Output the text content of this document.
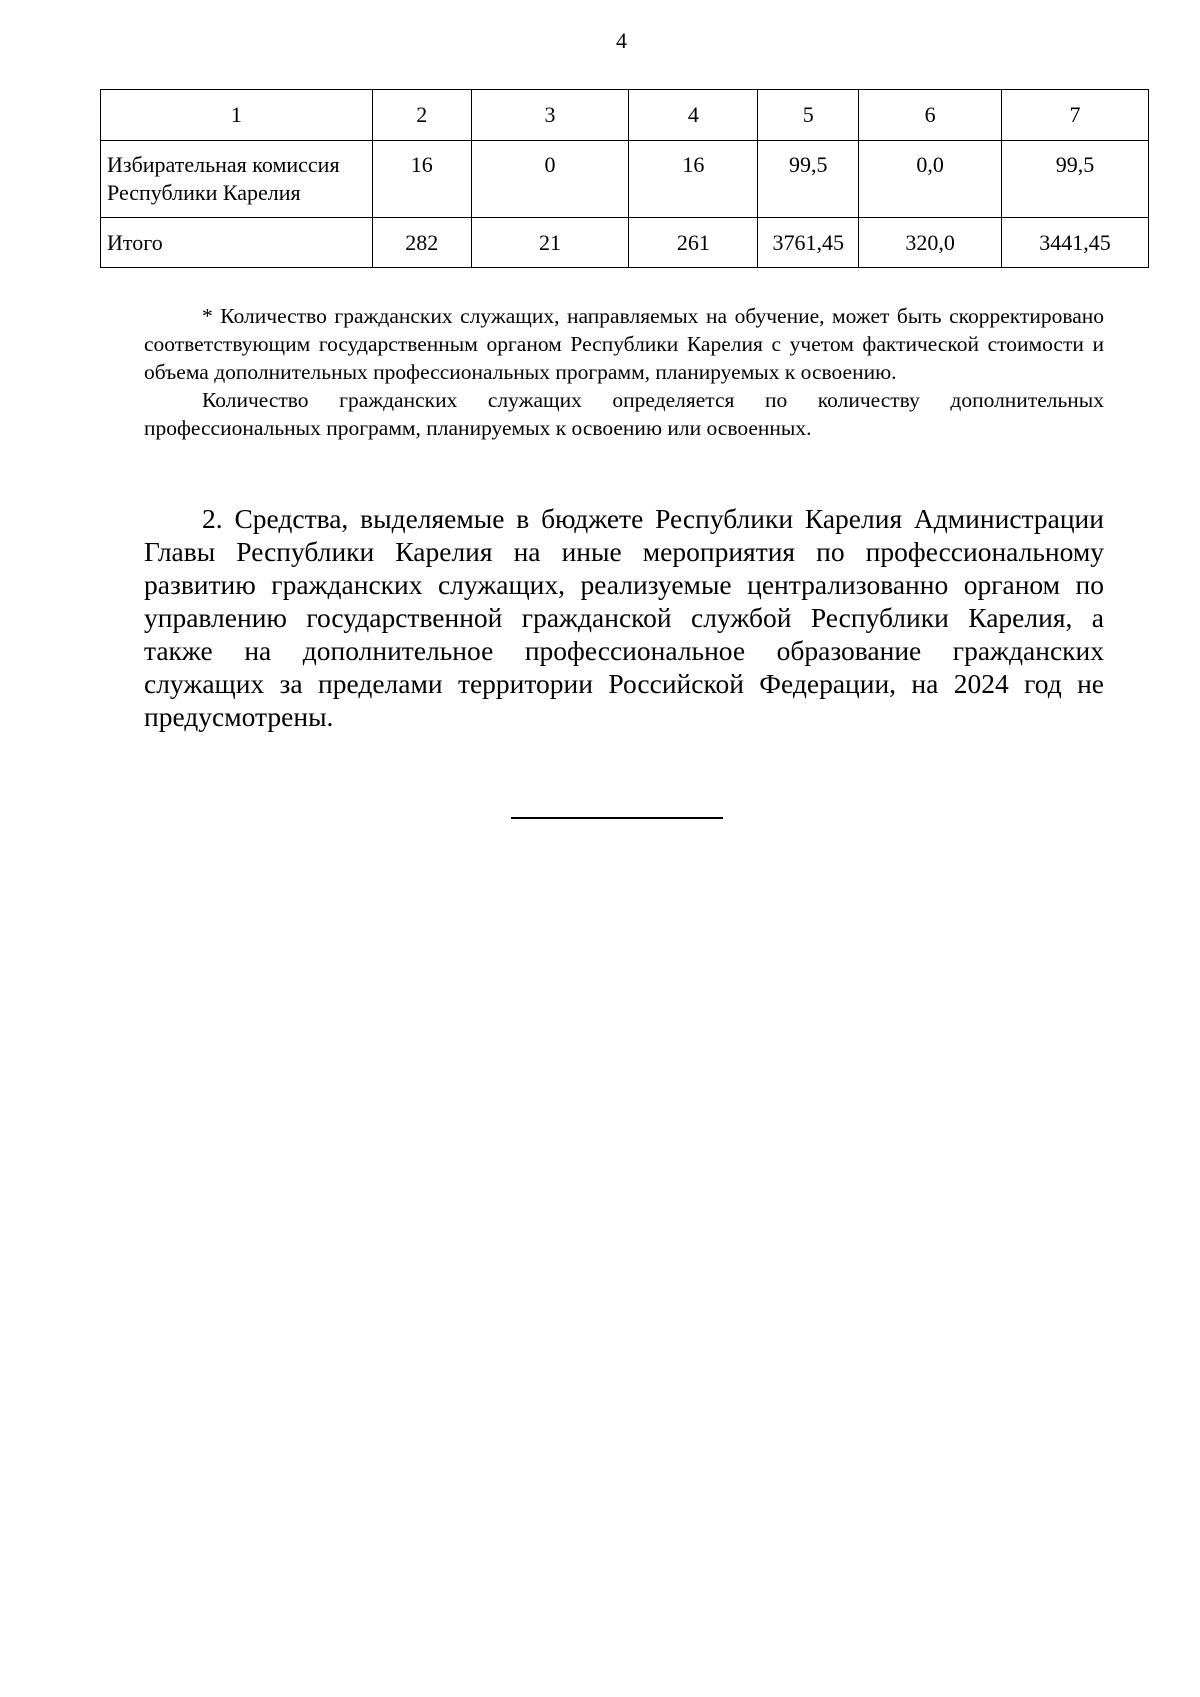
4
1	2	3	4	5	6	7

Избирательная комиссия
Республики Карелия	16	0	16	99,5	0,0	99,5
Итого	282	21	261	3761,45	320,0	3441,45

* Количество гражданских служащих, направляемых на обучение, может быть скорректировано соответствующим государственным органом Республики Карелия с учетом фактической стоимости и объема дополнительных профессиональных программ, планируемых к освоению.

Количество гражданских служащих определяется по количеству дополнительных профессиональных программ, планируемых к освоению или освоенных.

2. Средства, выделяемые в бюджете Республики Карелия Администрации Главы Республики Карелия на иные мероприятия по профессиональному развитию гражданских служащих, реализуемые централизованно органом по управлению государственной гражданской службой Республики Карелия, а также на дополнительное профессиональное образование гражданских служащих за пределами территории Российской Федерации, на 2024 год не предусмотрены.
